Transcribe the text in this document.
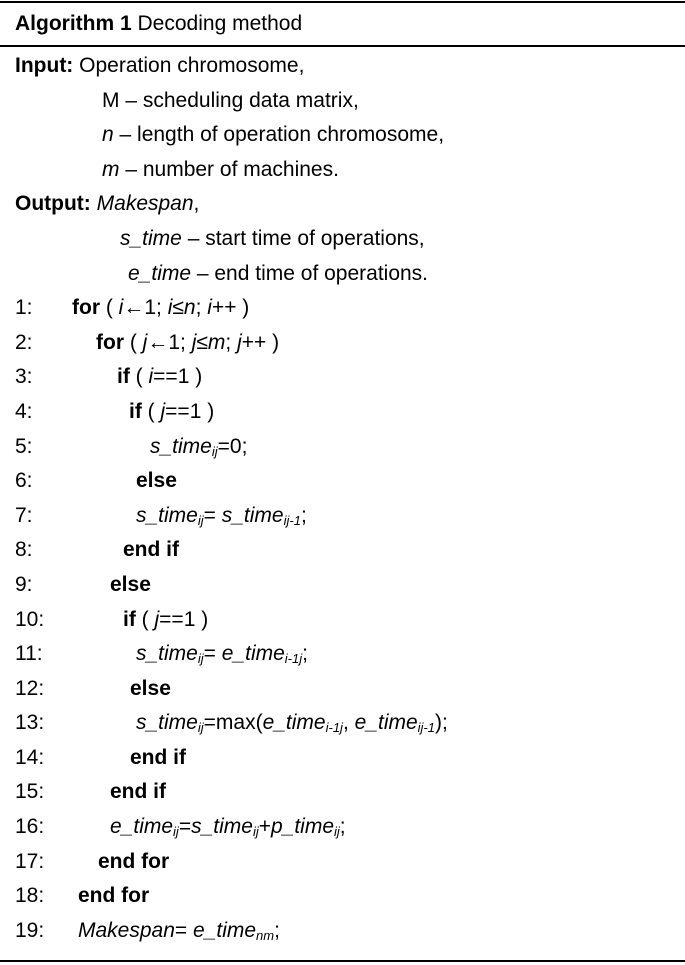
Algorithm 1 Decoding method
Input: Operation chromosome,
M – scheduling data matrix,
n – length of operation chromosome,
m – number of machines.
Output: Makespan,
s_time – start time of operations,
e_time – end time of operations.
1:	for ( i←1; i≤n; i++ )
2:	for ( j←1; j≤m; j++ )
3:	if ( i==1 )
4:	if ( j==1 )
5:	s_time$_{ij}$=0;
6:	else
7:	s_time$_{ij}$= s_time$_{ij-1}$;
8:	end if
9:	else
10:	if ( j==1 )
11:	s_time$_{ij}$= e_time$_{i-1j}$;
12:	else
13:	s_time$_{ij}$=max(e_time$_{i-1j}$, e_time$_{ij-1}$);
14:	end if
15:	end if
16:	e_time$_{ij}$=s_time$_{ij}$+p_time$_{ij}$;
17:	end for
18:	end for
19:	Makespan= e_time$_{nm}$;
